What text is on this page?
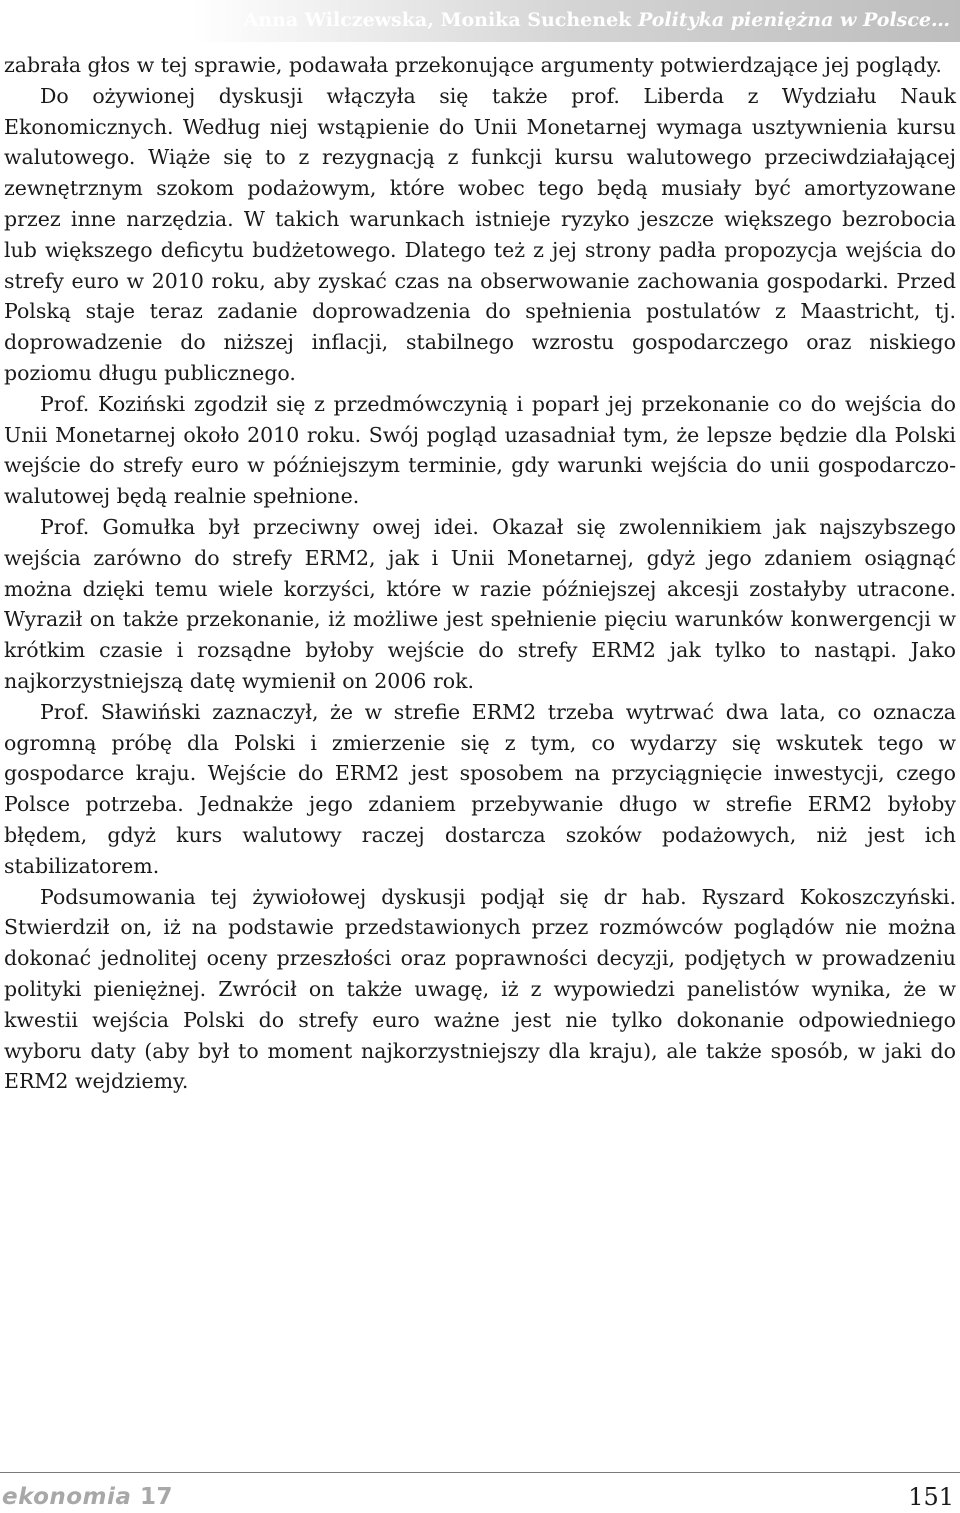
Anna Wilczewska, Monika Suchenek Polityka pieniężna w Polsce…

zabrała głos w tej sprawie, podawała przekonujące argumenty potwierdzające jej poglądy.

Do ożywionej dyskusji włączyła się także prof. Liberda z Wydziału Nauk Ekonomicznych. Według niej wstąpienie do Unii Monetarnej wymaga usztywnienia kursu walutowego. Wiąże się to z rezygnacją z funkcji kursu walutowego przeciwdziałającej zewnętrznym szokom podażowym, które wobec tego będą musiały być amortyzowane przez inne narzędzia. W takich warunkach istnieje ryzyko jeszcze większego bezrobocia lub większego deficytu budżetowego. Dlatego też z jej strony padła propozycja wejścia do strefy euro w 2010 roku, aby zyskać czas na obserwowanie zachowania gospodarki. Przed Polską staje teraz zadanie doprowadzenia do spełnienia postulatów z Maastricht, tj. doprowadzenie do niższej inflacji, stabilnego wzrostu gospodarczego oraz niskiego poziomu długu publicznego.

Prof. Koziński zgodził się z przedmówczynią i poparł jej przekonanie co do wejścia do Unii Monetarnej około 2010 roku. Swój pogląd uzasadniał tym, że lepsze będzie dla Polski wejście do strefy euro w późniejszym terminie, gdy warunki wejścia do unii gospodarczo-walutowej będą realnie spełnione.

Prof. Gomułka był przeciwny owej idei. Okazał się zwolennikiem jak najszybszego wejścia zarówno do strefy ERM2, jak i Unii Monetarnej, gdyż jego zdaniem osiągnąć można dzięki temu wiele korzyści, które w razie późniejszej akcesji zostałyby utracone. Wyraził on także przekonanie, iż możliwe jest spełnienie pięciu warunków konwergencji w krótkim czasie i rozsądne byłoby wejście do strefy ERM2 jak tylko to nastąpi. Jako najkorzystniejszą datę wymienił on 2006 rok.

Prof. Sławiński zaznaczył, że w strefie ERM2 trzeba wytrwać dwa lata, co oznacza ogromną próbę dla Polski i zmierzenie się z tym, co wydarzy się wskutek tego w gospodarce kraju. Wejście do ERM2 jest sposobem na przyciągnięcie inwestycji, czego Polsce potrzeba. Jednakże jego zdaniem przebywanie długo w strefie ERM2 byłoby błędem, gdyż kurs walutowy raczej dostarcza szoków podażowych, niż jest ich stabilizatorem.

Podsumowania tej żywiołowej dyskusji podjął się dr hab. Ryszard Kokoszczyński. Stwierdził on, iż na podstawie przedstawionych przez rozmówców poglądów nie można dokonać jednolitej oceny przeszłości oraz poprawności decyzji, podjętych w prowadzeniu polityki pieniężnej. Zwrócił on także uwagę, iż z wypowiedzi panelistów wynika, że w kwestii wejścia Polski do strefy euro ważne jest nie tylko dokonanie odpowiedniego wyboru daty (aby był to moment najkorzystniejszy dla kraju), ale także sposób, w jaki do ERM2 wejdziemy.

ekonomia 17	151
